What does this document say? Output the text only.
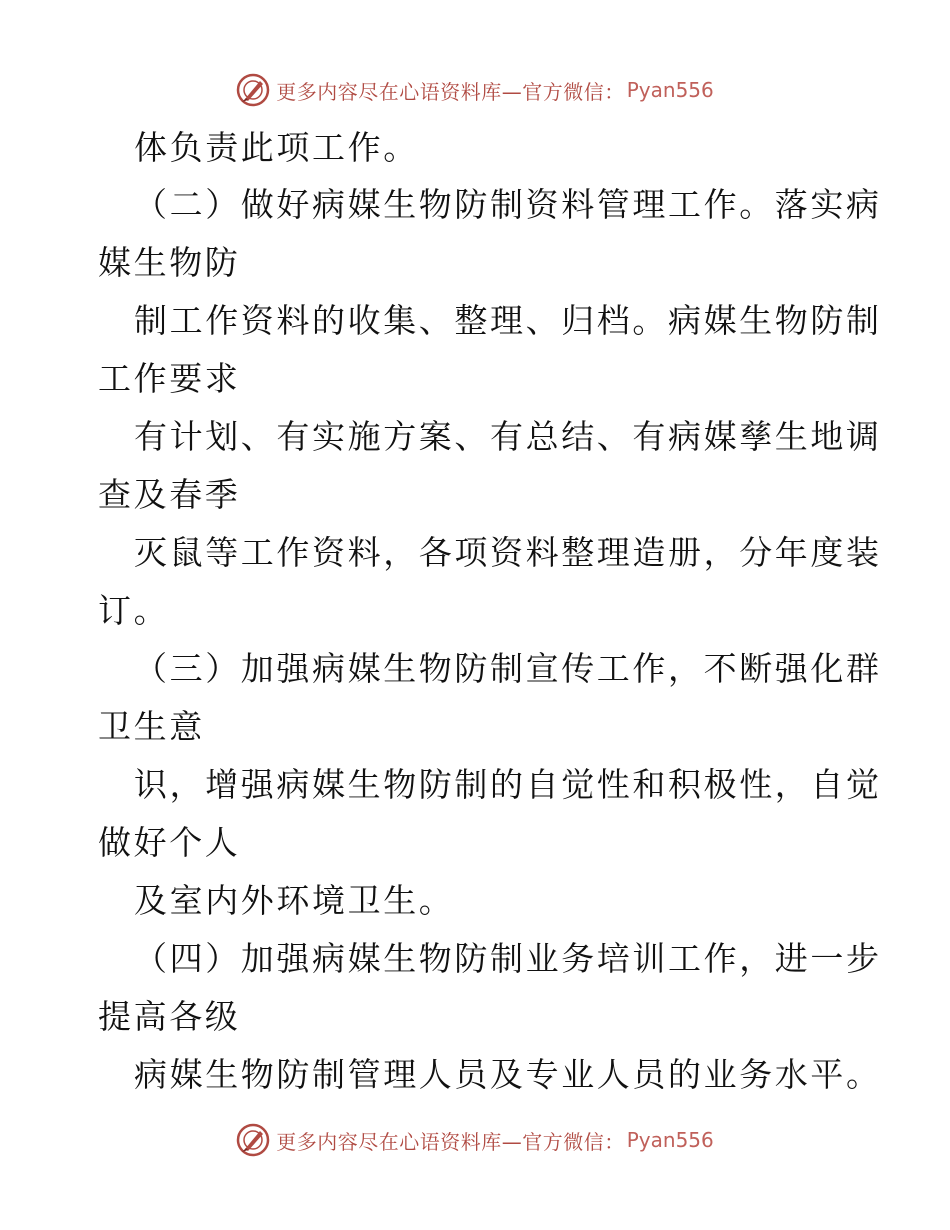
更多内容尽在心语资料库—官方微信： Pyan556
体负责此项工作。
（二）做好病媒生物防制资料管理工作。落实病
媒生物防
制工作资料的收集、整理、归档。病媒生物防制
工作要求
有计划、有实施方案、有总结、有病媒孳生地调
查及春季
灭鼠等工作资料，各项资料整理造册，分年度装
订。
（三）加强病媒生物防制宣传工作，不断强化群
卫生意
识，增强病媒生物防制的自觉性和积极性，自觉
做好个人
及室内外环境卫生。
（四）加强病媒生物防制业务培训工作，进一步
提高各级
病媒生物防制管理人员及专业人员的业务水平。
更多内容尽在心语资料库—官方微信： Pyan556
